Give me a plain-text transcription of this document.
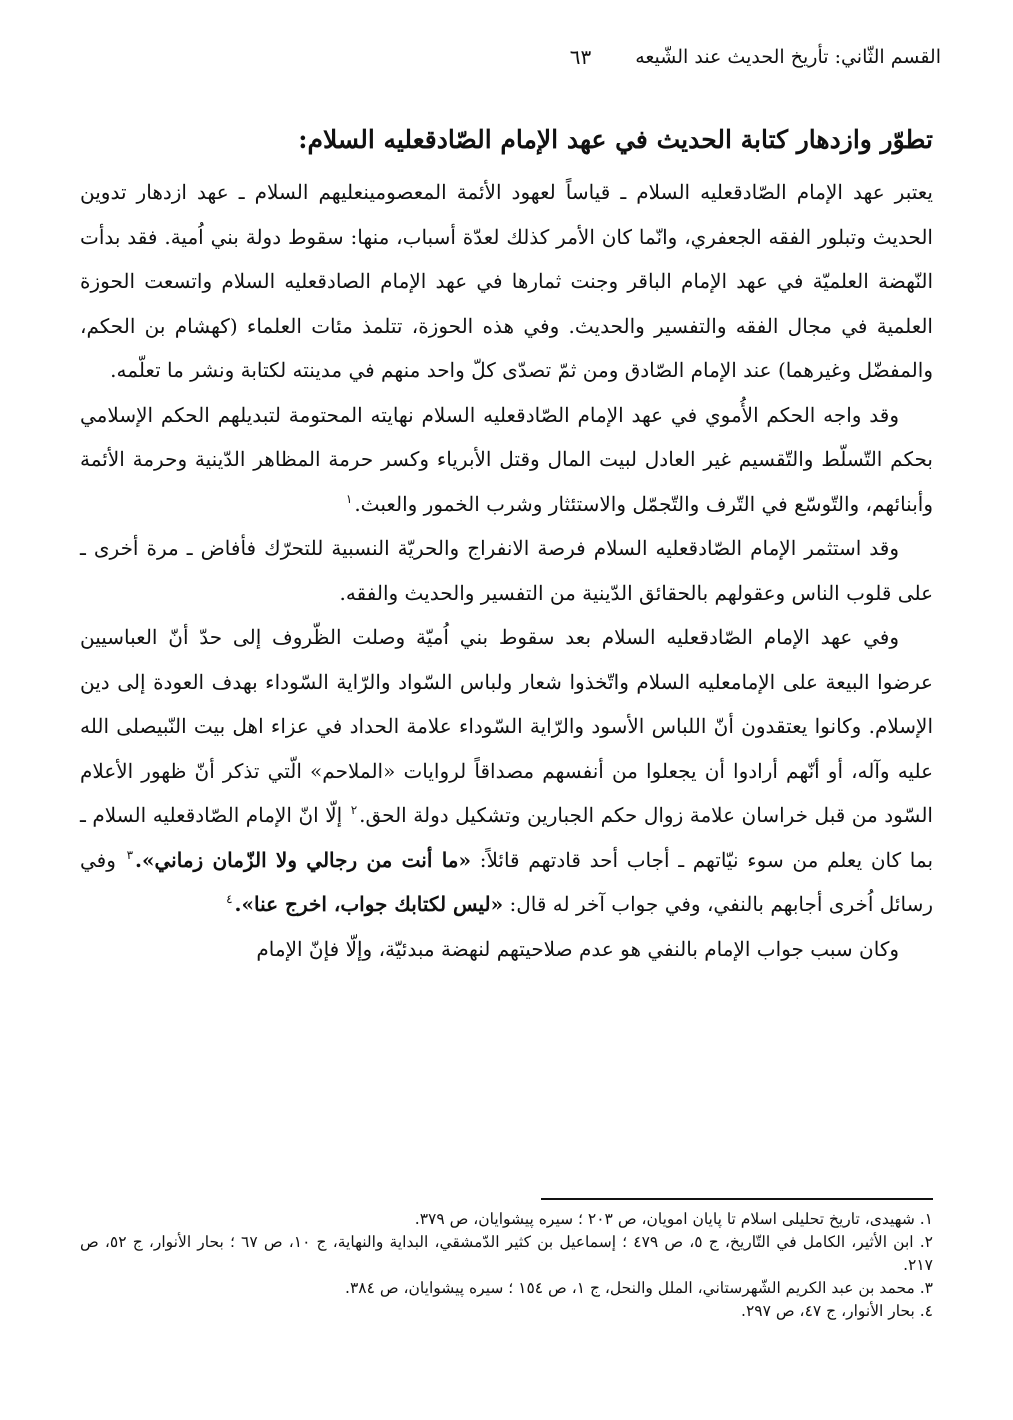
القسم الثّاني: تأريخ الحديث عند الشّيعه
٦٣
تطوّر وازدهار كتابة الحديث في عهد الإمام الصّادقعليه السلام:

يعتبر عهد الإمام الصّادقعليه السلام ـ قياساً لعهود الأئمة المعصومينعليهم السلام ـ عهد ازدهار تدوين الحديث وتبلور الفقه الجعفري، وانّما كان الأمر كذلك لعدّة أسباب، منها: سقوط دولة بني اُمية. فقد بدأت النّهضة العلميّة في عهد الإمام الباقر وجنت ثمارها في عهد الإمام الصادقعليه السلام واتسعت الحوزة العلمية في مجال الفقه والتفسير والحديث. وفي هذه الحوزة، تتلمذ مئات العلماء (كهشام بن الحكم، والمفضّل وغيرهما) عند الإمام الصّادق ومن ثمّ تصدّى كلّ واحد منهم في مدينته لكتابة ونشر ما تعلّمه.

وقد واجه الحكم الأُموي في عهد الإمام الصّادقعليه السلام نهايته المحتومة لتبديلهم الحكم الإسلامي بحكم التّسلّط والتّقسيم غير العادل لبيت المال وقتل الأبرياء وكسر حرمة المظاهر الدّينية وحرمة الأئمة وأبنائهم، والتّوسّع في التّرف والتّجمّل والاستئثار وشرب الخمور والعبث.$^١$

وقد استثمر الإمام الصّادقعليه السلام فرصة الانفراج والحريّة النسبية للتحرّك فأفاض ـ مرة أخرى ـ على قلوب الناس وعقولهم بالحقائق الدّينية من التفسير والحديث والفقه.

وفي عهد الإمام الصّادقعليه السلام بعد سقوط بني اُميّة وصلت الظّروف إلى حدّ أنّ العباسيين عرضوا البيعة على الإمامعليه السلام واتّخذوا شعار ولباس السّواد والرّاية السّوداء بهدف العودة إلى دين الإسلام. وكانوا يعتقدون أنّ اللباس الأسود والرّاية السّوداء علامة الحداد في عزاء اهل بيت النّبيصلى الله عليه وآله، أو أنّهم أرادوا أن يجعلوا من أنفسهم مصداقاً لروايات «الملاحم» الّتي تذكر أنّ ظهور الأعلام السّود من قبل خراسان علامة زوال حكم الجبارين وتشكيل دولة الحق.$^٢$ إلّا انّ الإمام الصّادقعليه السلام ـ بما كان يعلم من سوء نيّاتهم ـ أجاب أحد قادتهم قائلاً: «ما أنت من رجالي ولا الزّمان زماني».$^٣$ وفي رسائل اُخرى أجابهم بالنفي، وفي جواب آخر له قال: «ليس لكتابك جواب، اخرج عنا».$^٤$

وكان سبب جواب الإمام بالنفي هو عدم صلاحيتهم لنهضة مبدئيّة، وإلّا فإنّ الإمام

١. شهيدى، تاريخ تحليلى اسلام تا پايان امويان، ص ٢٠٣ ؛ سيره پيشوايان، ص ٣٧٩.

٢. ابن الأثير، الكامل في التّاريخ، ج ٥، ص ٤٧٩ ؛ إسماعيل بن كثير الدّمشقي، البداية والنهاية، ج ١٠، ص ٦٧ ؛ بحار الأنوار، ج ٥٢، ص ٢١٧.

٣. محمد بن عبد الكريم الشّهرستاني، الملل والنحل، ج ١، ص ١٥٤ ؛ سيره پيشوايان، ص ٣٨٤.

٤. بحار الأنوار، ج ٤٧، ص ٢٩٧.
